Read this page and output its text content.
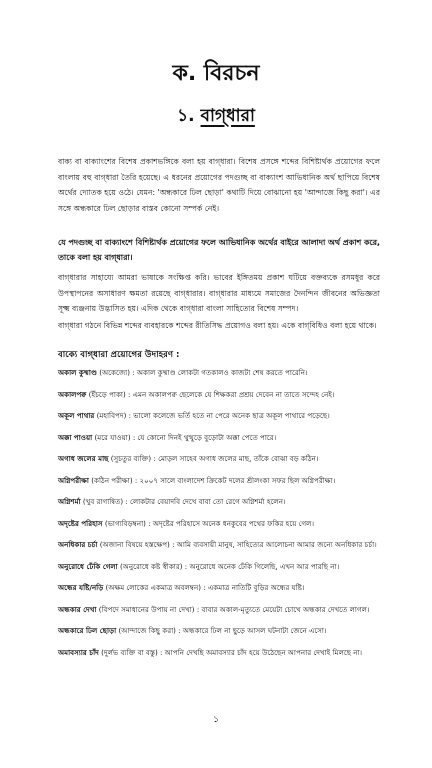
ক. বিরচন
১. বাগ্‌ধারা

বাক্য বা বাক্যাংশের বিশেষ প্রকাশভঙ্গিকে বলা হয় বাগ্‌ধারা। বিশেষ প্রসঙ্গে শব্দের বিশিষ্টার্থক প্রয়োগের ফলে বাংলায় বহু বাগ্‌ধারা তৈরি হয়েছে। এ ধরনের প্রয়োগের পদগুচ্ছ বা বাক্যাংশ আভিধানিক অর্থ ছাপিয়ে বিশেষ অর্থের দ্যোতক হয়ে ওঠে। যেমন: 'অন্ধকারে ঢিল ছোড়া' কথাটি দিয়ে বোঝানো হয় 'আন্দাজে কিছু করা'। এর সঙ্গে অন্ধকারে ঢিল ছোড়ার বাস্তব কোনো সম্পর্ক নেই।

যে পদগুচ্ছ বা বাক্যাংশে বিশিষ্টার্থক প্রয়োগের ফলে আভিধানিক অর্থের বাইরে আলাদা অর্থ প্রকাশ করে, তাকে বলা হয় বাগ্‌ধারা।

বাগ্‌ধারার সাহায্যে আমরা ভাষাকে সংক্ষিপ্ত করি। ভাবের ইঙ্গিতময় প্রকাশ ঘটিয়ে বক্তব্যকে রসমধুর করে উপস্থাপনের অসাধারণ ক্ষমতা রয়েছে বাগ্‌ধারার। বাগ্‌ধারার মাধ্যমে সমাজের দৈনন্দিন জীবনের অভিজ্ঞতা সূক্ষ্ম ব্যঞ্জনায় উদ্ভাসিত হয়। এদিক থেকে বাগ্‌ধারা বাংলা সাহিত্যের বিশেষ সম্পদ।

বাগ্‌ধারা গঠনে বিভিন্ন শব্দের ব্যবহারকে শব্দের রীতিসিদ্ধ প্রয়োগও বলা হয়। একে বাগ্‌বিধিও বলা হয়ে থাকে।

বাক্যে বাগ্‌ধারা প্রয়োগের উদাহরণ :

অকাল কুষ্মাণ্ড (অকেজো) : অকাল কুষ্মাণ্ড লোকটা গতকালও কাজটা শেষ করতে পারেনি।

অকালপক্ব (ইঁচড়ে পাকা) : এমন অকালপক্ব ছেলেকে যে শিক্ষকরা প্রশ্রয় দেবেন না তাতে সন্দেহ নেই।

অকূল পাথার (মহাবিপদ) : ভালো কলেজে ভর্তি হতে না পেরে অনেক ছাত্র অকূল পাথারে পড়েছে।

অক্কা পাওয়া (মরে যাওয়া) : যে কোনো দিনই থুত্থুড়ে বুড়োটা অক্কা পেতে পারে।

অগাধ জলের মাছ (সুচতুর ব্যক্তি) : মোড়ল সাহেব অগাধ জলের মাছ, তাঁকে বোঝা বড় কঠিন।

অগ্নিপরীক্ষা (কঠিন পরীক্ষা) : ২০০৭ সালে বাংলাদেশ ক্রিকেট দলের শ্রীলংকা সফর ছিল অগ্নিপরীক্ষা।

অগ্নিশর্মা (খুব রাগান্বিত) : লোকটার বেয়াদবি দেখে বাবা তো রেগে অগ্নিশর্মা হলেন।

অদৃষ্টের পরিহাস (ভাগ্যবিড়ম্বনা) : অদৃষ্টের পরিহাসে অনেক ধনকুবের পথের ফকির হয়ে গেল।

অনধিকার চর্চা (অজানা বিষয়ে হস্তক্ষেপ) : আমি ব্যবসায়ী মানুষ, সাহিত্যের আলোচনা আমার জন্যে অনধিকার চর্চা।

অনুরোধে ঢেঁকি গেলা (অনুরোধে কষ্ট স্বীকার) : অনুরোধে অনেক ঢেঁকি গিলেছি, এখন আর পারছি না।

অন্ধের যষ্টি/নড়ি (অক্ষম লোকের একমাত্র অবলম্বন) : একমাত্র নাতিটি বুড়ির অন্ধের যষ্টি।

অন্ধকার দেখা (বিপদে সমাধানের উপায় না দেখা) : বাবার অকাল-মৃত্যুতে মেয়েটা চোখে অন্ধকার দেখতে লাগল।

অন্ধকারে ঢিল ছোড়া (আন্দাজে কিছু করা) : অন্ধকারে ঢিল না ছুড়ে আসল ঘটনাটা জেনে এসো।

অমাবস্যার চাঁদ (দুর্লভ ব্যক্তি বা বস্তু) : আপনি দেখছি অমাবস্যার চাঁদ হয়ে উঠেছেন আপনার দেখাই মিলছে না।

১
